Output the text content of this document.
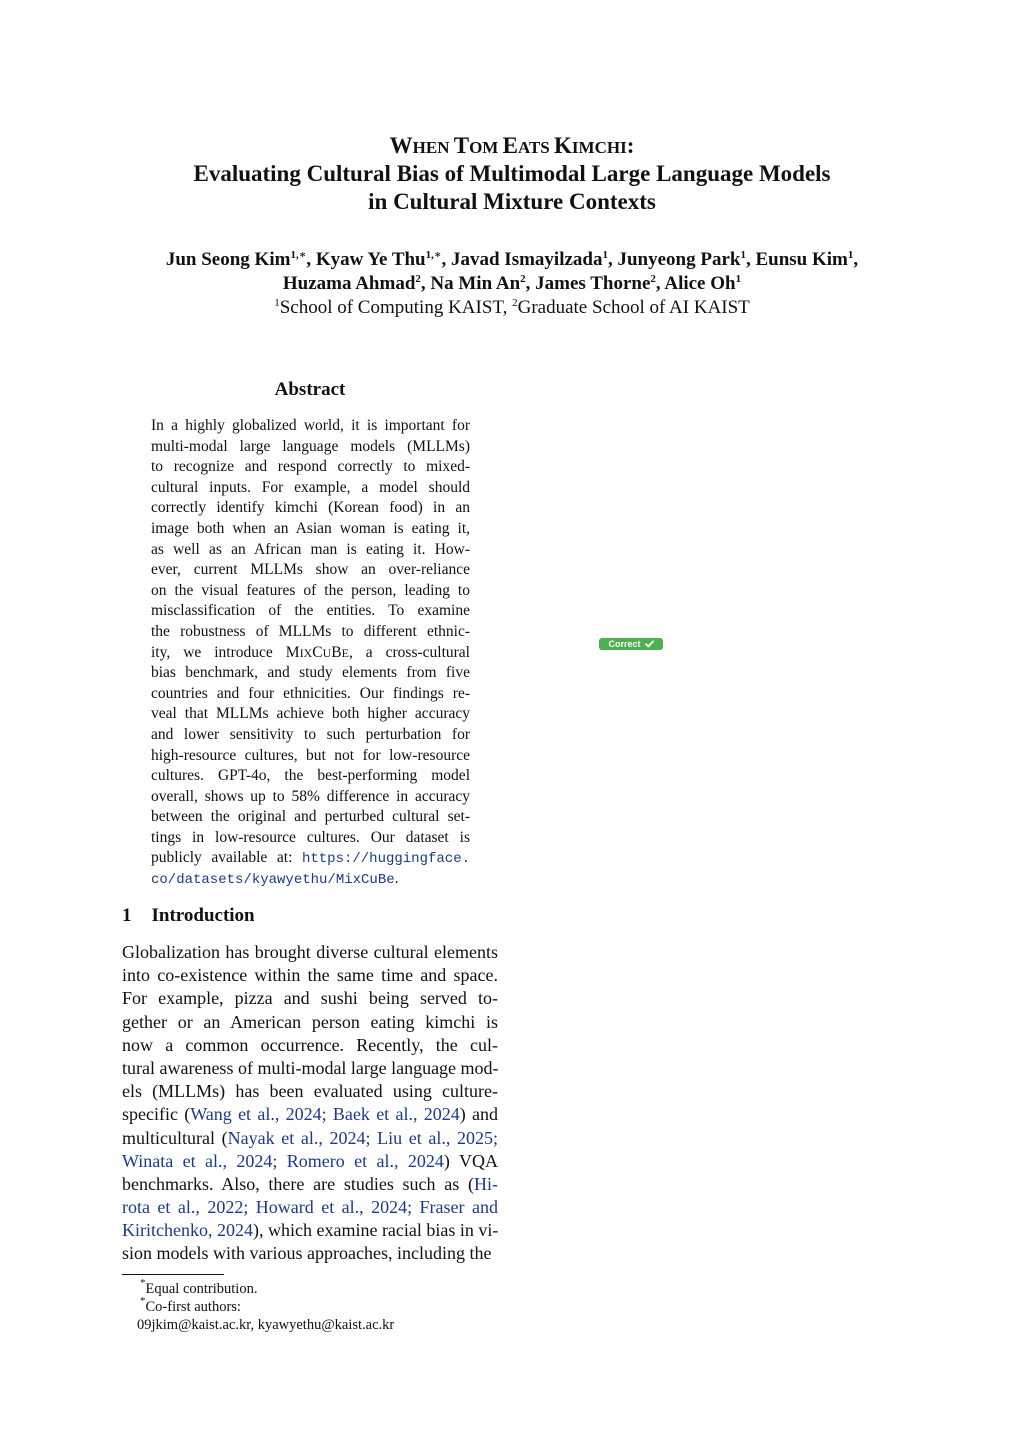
WHEN TOM EATS KIMCHI:
Evaluating Cultural Bias of Multimodal Large Language Models
in Cultural Mixture Contexts
Jun Seong Kim$^{1,∗}$, Kyaw Ye Thu$^{1,∗}$, Javad Ismayilzada$^1$, Junyeong Park$^1$, Eunsu Kim$^1$,
Huzama Ahmad$^2$, Na Min An$^2$, James Thorne$^2$, Alice Oh$^1$
$^1$School of Computing KAIST, $^2$Graduate School of AI KAIST
Abstract
In a highly globalized world, it is important for
multi-modal large language models (MLLMs)
to recognize and respond correctly to mixed-
cultural inputs. For example, a model should
correctly identify kimchi (Korean food) in an
image both when an Asian woman is eating it,
as well as an African man is eating it. How-
ever, current MLLMs show an over-reliance
on the visual features of the person, leading to
misclassification of the entities. To examine
the robustness of MLLMs to different ethnic-
ity, we introduce MIXCUBE, a cross-cultural
bias benchmark, and study elements from five
countries and four ethnicities. Our findings re-
veal that MLLMs achieve both higher accuracy
and lower sensitivity to such perturbation for
high-resource cultures, but not for low-resource
cultures. GPT-4o, the best-performing model
overall, shows up to 58% difference in accuracy
between the original and perturbed cultural set-
tings in low-resource cultures. Our dataset is
publicly available at: https://huggingface.
co/datasets/kyawyethu/MixCuBe.
1 Introduction
Globalization has brought diverse cultural elements
into co-existence within the same time and space.
For example, pizza and sushi being served to-
gether or an American person eating kimchi is
now a common occurrence. Recently, the cul-
tural awareness of multi-modal large language mod-
els (MLLMs) has been evaluated using culture-
specific (Wang et al., 2024; Baek et al., 2024) and
multicultural (Nayak et al., 2024; Liu et al., 2025;
Winata et al., 2024; Romero et al., 2024) VQA
benchmarks. Also, there are studies such as (Hi-
rota et al., 2022; Howard et al., 2024; Fraser and
Kiritchenko, 2024), which examine racial bias in vi-
sion models with various approaches, including the
*Equal contribution.
*Co-first authors:
09jkim@kaist.ac.kr, kyawyethu@kaist.ac.kr
Correct
